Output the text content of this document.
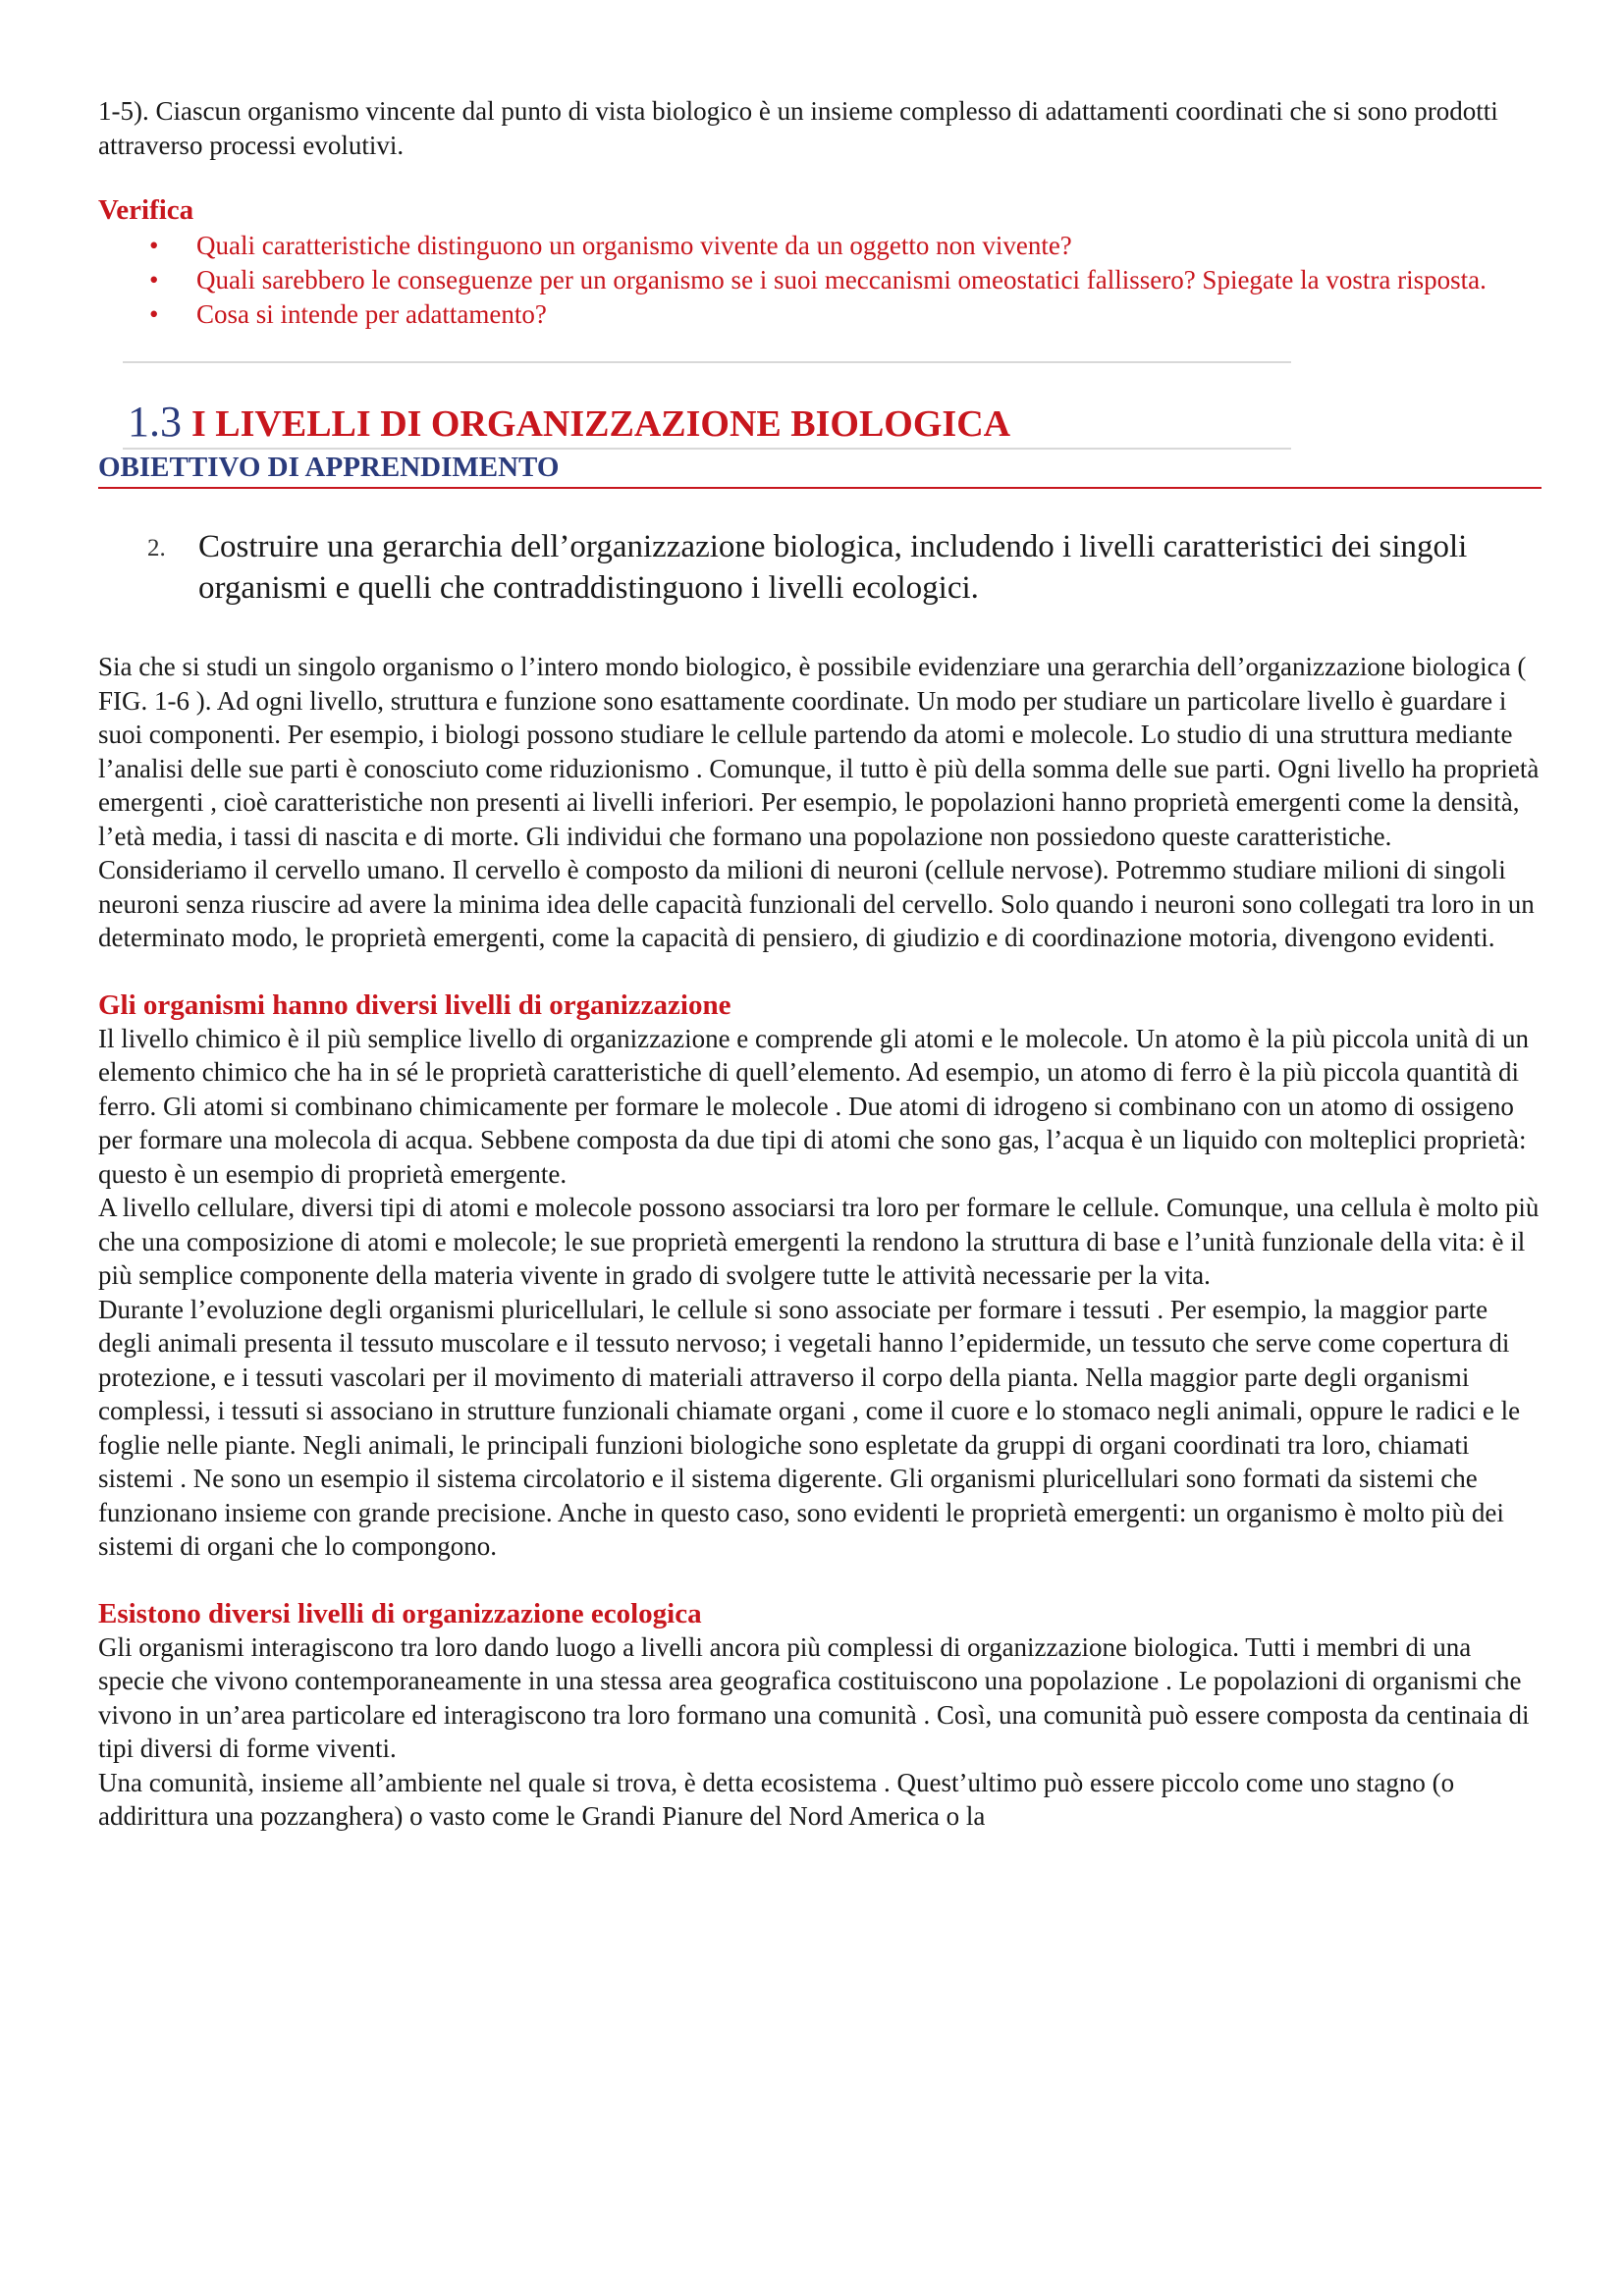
1-5). Ciascun organismo vincente dal punto di vista biologico è un insieme complesso di adattamenti coordinati che si sono prodotti attraverso processi evolutivi.

Verifica

• Quali caratteristiche distinguono un organismo vivente da un oggetto non vivente?
• Quali sarebbero le conseguenze per un organismo se i suoi meccanismi omeostatici fallissero? Spiegate la vostra risposta.
• Cosa si intende per adattamento?
1.3 I LIVELLI DI ORGANIZZAZIONE BIOLOGICA

OBIETTIVO DI APPRENDIMENTO

2. Costruire una gerarchia dell’organizzazione biologica, includendo i livelli caratteristici dei singoli organismi e quelli che contraddistinguono i livelli ecologici.

Sia che si studi un singolo organismo o l’intero mondo biologico, è possibile evidenziare una gerarchia dell’organizzazione biologica ( FIG. 1-6 ). Ad ogni livello, struttura e funzione sono esattamente coordinate. Un modo per studiare un particolare livello è guardare i suoi componenti. Per esempio, i biologi possono studiare le cellule partendo da atomi e molecole. Lo studio di una struttura mediante l’analisi delle sue parti è conosciuto come riduzionismo . Comunque, il tutto è più della somma delle sue parti. Ogni livello ha proprietà emergenti , cioè caratteristiche non presenti ai livelli inferiori. Per esempio, le popolazioni hanno proprietà emergenti come la densità, l’età media, i tassi di nascita e di morte. Gli individui che formano una popolazione non possiedono queste caratteristiche. Consideriamo il cervello umano. Il cervello è composto da milioni di neuroni (cellule nervose). Potremmo studiare milioni di singoli neuroni senza riuscire ad avere la minima idea delle capacità funzionali del cervello. Solo quando i neuroni sono collegati tra loro in un determinato modo, le proprietà emergenti, come la capacità di pensiero, di giudizio e di coordinazione motoria, divengono evidenti.

Gli organismi hanno diversi livelli di organizzazione

Il livello chimico è il più semplice livello di organizzazione e comprende gli atomi e le molecole. Un atomo è la più piccola unità di un elemento chimico che ha in sé le proprietà caratteristiche di quell’elemento. Ad esempio, un atomo di ferro è la più piccola quantità di ferro. Gli atomi si combinano chimicamente per formare le molecole . Due atomi di idrogeno si combinano con un atomo di ossigeno per formare una molecola di acqua. Sebbene composta da due tipi di atomi che sono gas, l’acqua è un liquido con molteplici proprietà: questo è un esempio di proprietà emergente.

A livello cellulare, diversi tipi di atomi e molecole possono associarsi tra loro per formare le cellule. Comunque, una cellula è molto più che una composizione di atomi e molecole; le sue proprietà emergenti la rendono la struttura di base e l’unità funzionale della vita: è il più semplice componente della materia vivente in grado di svolgere tutte le attività necessarie per la vita.

Durante l’evoluzione degli organismi pluricellulari, le cellule si sono associate per formare i tessuti . Per esempio, la maggior parte degli animali presenta il tessuto muscolare e il tessuto nervoso; i vegetali hanno l’epidermide, un tessuto che serve come copertura di protezione, e i tessuti vascolari per il movimento di materiali attraverso il corpo della pianta. Nella maggior parte degli organismi complessi, i tessuti si associano in strutture funzionali chiamate organi , come il cuore e lo stomaco negli animali, oppure le radici e le foglie nelle piante. Negli animali, le principali funzioni biologiche sono espletate da gruppi di organi coordinati tra loro, chiamati sistemi . Ne sono un esempio il sistema circolatorio e il sistema digerente. Gli organismi pluricellulari sono formati da sistemi che funzionano insieme con grande precisione. Anche in questo caso, sono evidenti le proprietà emergenti: un organismo è molto più dei sistemi di organi che lo compongono.

Esistono diversi livelli di organizzazione ecologica

Gli organismi interagiscono tra loro dando luogo a livelli ancora più complessi di organizzazione biologica. Tutti i membri di una specie che vivono contemporaneamente in una stessa area geografica costituiscono una popolazione . Le popolazioni di organismi che vivono in un’area particolare ed interagiscono tra loro formano una comunità . Così, una comunità può essere composta da centinaia di tipi diversi di forme viventi.

Una comunità, insieme all’ambiente nel quale si trova, è detta ecosistema . Quest’ultimo può essere piccolo come uno stagno (o addirittura una pozzanghera) o vasto come le Grandi Pianure del Nord America o la
